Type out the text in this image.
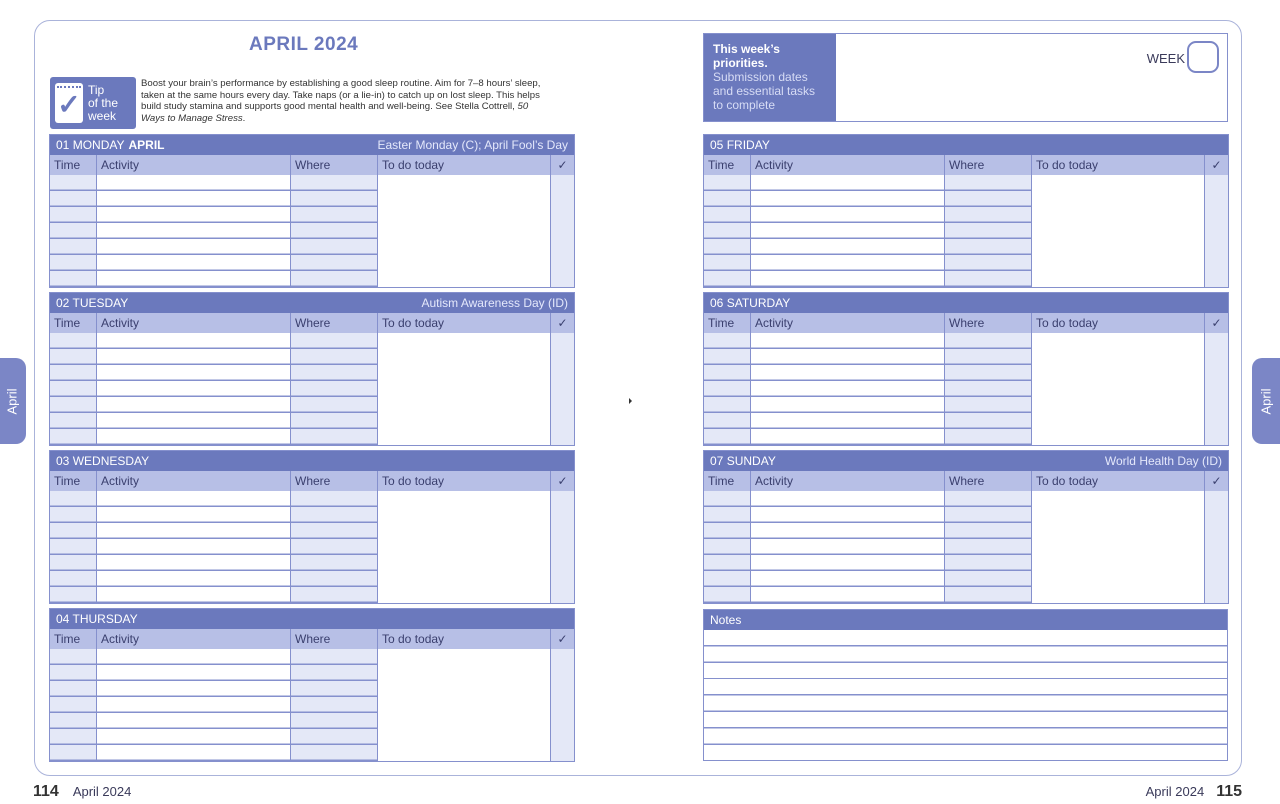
April	April
APRIL 2024
✓ Tip
of the
week
Boost your brain’s performance by establishing a good sleep routine. Aim for 7–8 hours’ sleep, taken at the same hours every day. Take naps (or a lie-in) to catch up on lost sleep. This helps build study stamina and supports good mental health and well-being. See Stella Cottrell, 50 Ways to Manage Stress.
This week’s
priorities.
Submission dates
and essential tasks
to complete
WEEK
Notes
114 April 2024	April 2024 115
01 MONDAY APRIL	Easter Monday (C); April Fool’s Day
Time	Activity	Where	To do today	✓
02 TUESDAY	Autism Awareness Day (ID)
Time	Activity	Where	To do today	✓
03 WEDNESDAY
Time	Activity	Where	To do today	✓
04 THURSDAY
Time	Activity	Where	To do today	✓
05 FRIDAY
Time	Activity	Where	To do today	✓
06 SATURDAY
Time	Activity	Where	To do today	✓
07 SUNDAY	World Health Day (ID)
Time	Activity	Where	To do today	✓
